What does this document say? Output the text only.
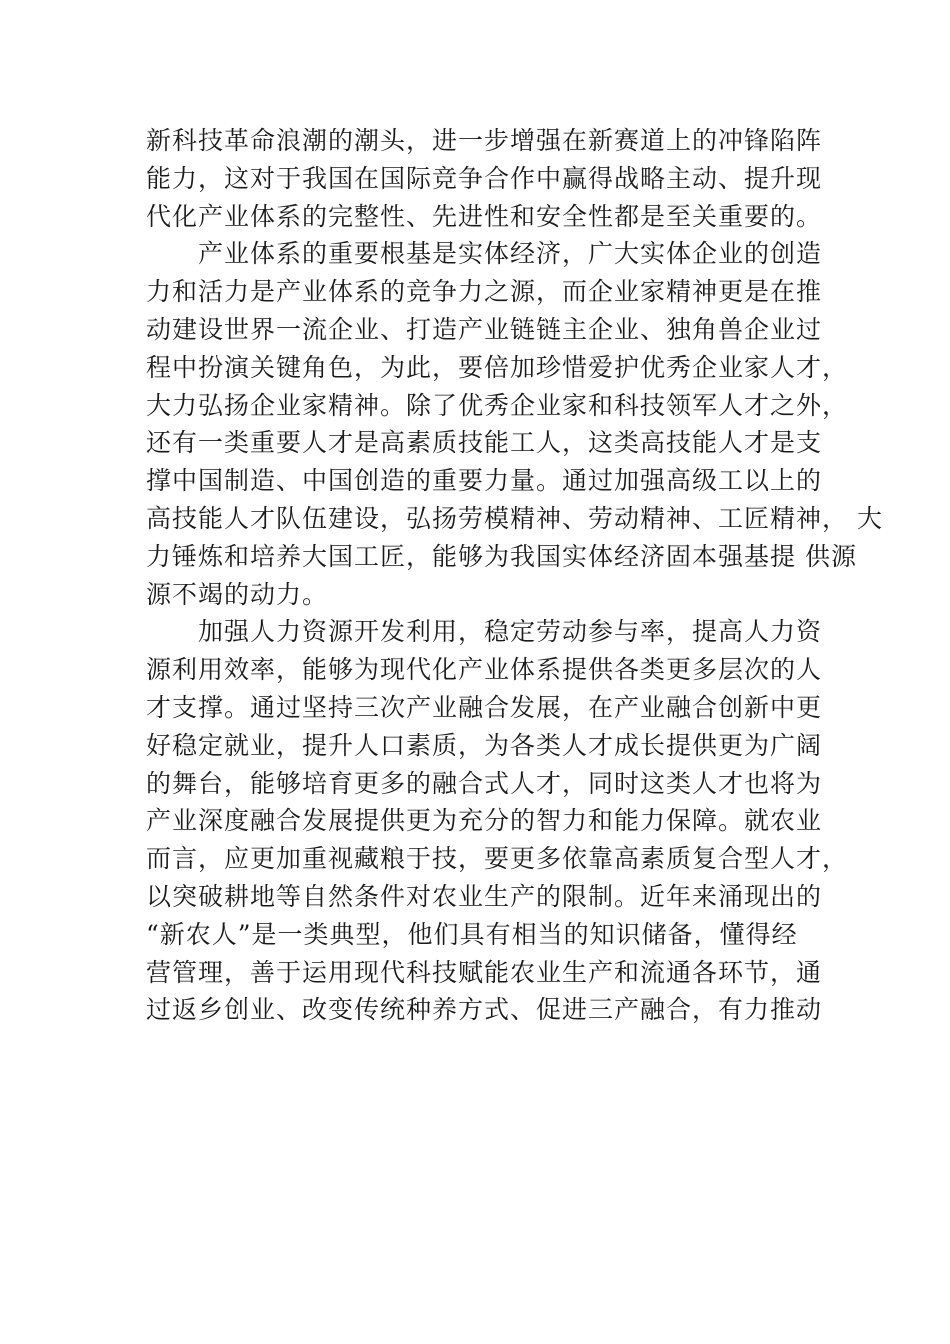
新科技革命浪潮的潮头，进一步增强在新赛道上的冲锋陷阵
能力，这对于我国在国际竞争合作中赢得战略主动、提升现
代化产业体系的完整性、先进性和安全性都是至关重要的。
产业体系的重要根基是实体经济，广大实体企业的创造
力和活力是产业体系的竞争力之源，而企业家精神更是在推
动建设世界一流企业、打造产业链链主企业、独角兽企业过
程中扮演关键角色，为此，要倍加珍惜爱护优秀企业家人才，
大力弘扬企业家精神。除了优秀企业家和科技领军人才之外，
还有一类重要人才是高素质技能工人，这类高技能人才是支
撑中国制造、中国创造的重要力量。通过加强高级工以上的
高技能人才队伍建设，弘扬劳模精神、劳动精神、工匠精神， 大
力锤炼和培养大国工匠，能够为我国实体经济固本强基提 供源
源不竭的动力。
加强人力资源开发利用，稳定劳动参与率，提高人力资
源利用效率，能够为现代化产业体系提供各类更多层次的人
才支撑。通过坚持三次产业融合发展，在产业融合创新中更
好稳定就业，提升人口素质，为各类人才成长提供更为广阔
的舞台，能够培育更多的融合式人才，同时这类人才也将为
产业深度融合发展提供更为充分的智力和能力保障。就农业
而言，应更加重视藏粮于技，要更多依靠高素质复合型人才，
以突破耕地等自然条件对农业生产的限制。近年来涌现出的
“新农人”是一类典型，他们具有相当的知识储备，懂得经
营管理，善于运用现代科技赋能农业生产和流通各环节，通
过返乡创业、改变传统种养方式、促进三产融合，有力推动
